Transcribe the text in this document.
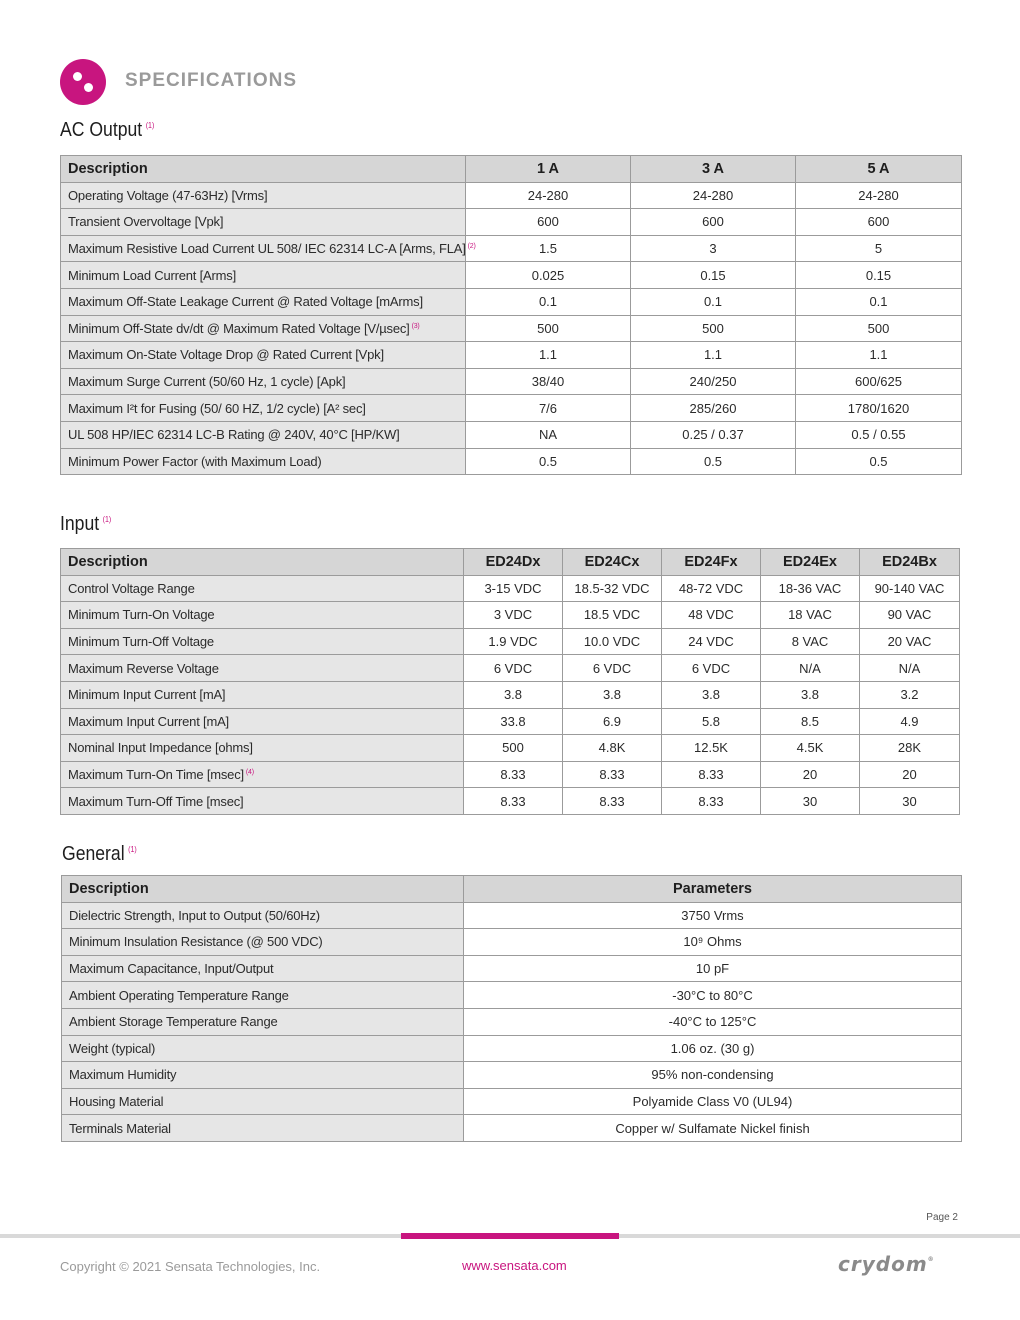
SPECIFICATIONS
AC Output $^{(1)}$
Description	1 A	3 A	5 A
Operating Voltage (47-63Hz) [Vrms]	24-280	24-280	24-280
Transient Overvoltage [Vpk]	600	600	600
Maximum Resistive Load Current UL 508/ IEC 62314 LC-A [Arms, FLA] $^{(2)}$	1.5	3	5
Minimum Load Current [Arms]	0.025	0.15	0.15
Maximum Off-State Leakage Current @ Rated Voltage [mArms]	0.1	0.1	0.1
Minimum Off-State dv/dt @ Maximum Rated Voltage [V/µsec] $^{(3)}$	500	500	500
Maximum On-State Voltage Drop @ Rated Current [Vpk]	1.1	1.1	1.1
Maximum Surge Current (50/60 Hz, 1 cycle) [Apk]	38/40	240/250	600/625
Maximum I²t for Fusing (50/ 60 HZ, 1/2 cycle) [A² sec]	7/6	285/260	1780/1620
UL 508 HP/IEC 62314 LC-B Rating @ 240V, 40°C [HP/KW]	NA	0.25 / 0.37	0.5 / 0.55
Minimum Power Factor (with Maximum Load)	0.5	0.5	0.5
Input $^{(1)}$
Description	ED24Dx	ED24Cx	ED24Fx	ED24Ex	ED24Bx
Control Voltage Range	3-15 VDC	18.5-32 VDC	48-72 VDC	18-36 VAC	90-140 VAC
Minimum Turn-On Voltage	3 VDC	18.5 VDC	48 VDC	18 VAC	90 VAC
Minimum Turn-Off Voltage	1.9 VDC	10.0 VDC	24 VDC	8 VAC	20 VAC
Maximum Reverse Voltage	6 VDC	6 VDC	6 VDC	N/A	N/A
Minimum Input Current [mA]	3.8	3.8	3.8	3.8	3.2
Maximum Input Current [mA]	33.8	6.9	5.8	8.5	4.9
Nominal Input Impedance [ohms]	500	4.8K	12.5K	4.5K	28K
Maximum Turn-On Time [msec] $^{(4)}$	8.33	8.33	8.33	20	20
Maximum Turn-Off Time [msec]	8.33	8.33	8.33	30	30
General $^{(1)}$
Description	Parameters
Dielectric Strength, Input to Output (50/60Hz)	3750 Vrms
Minimum Insulation Resistance (@ 500 VDC)	10⁹ Ohms
Maximum Capacitance, Input/Output	10 pF
Ambient Operating Temperature Range	-30°C to 80°C
Ambient Storage Temperature Range	-40°C to 125°C
Weight (typical)	1.06 oz. (30 g)
Maximum Humidity	95% non-condensing
Housing Material	Polyamide Class V0 (UL94)
Terminals Material	Copper w/ Sulfamate Nickel finish
Page 2
Copyright © 2021 Sensata Technologies, Inc.	www.sensata.com	crydom®
